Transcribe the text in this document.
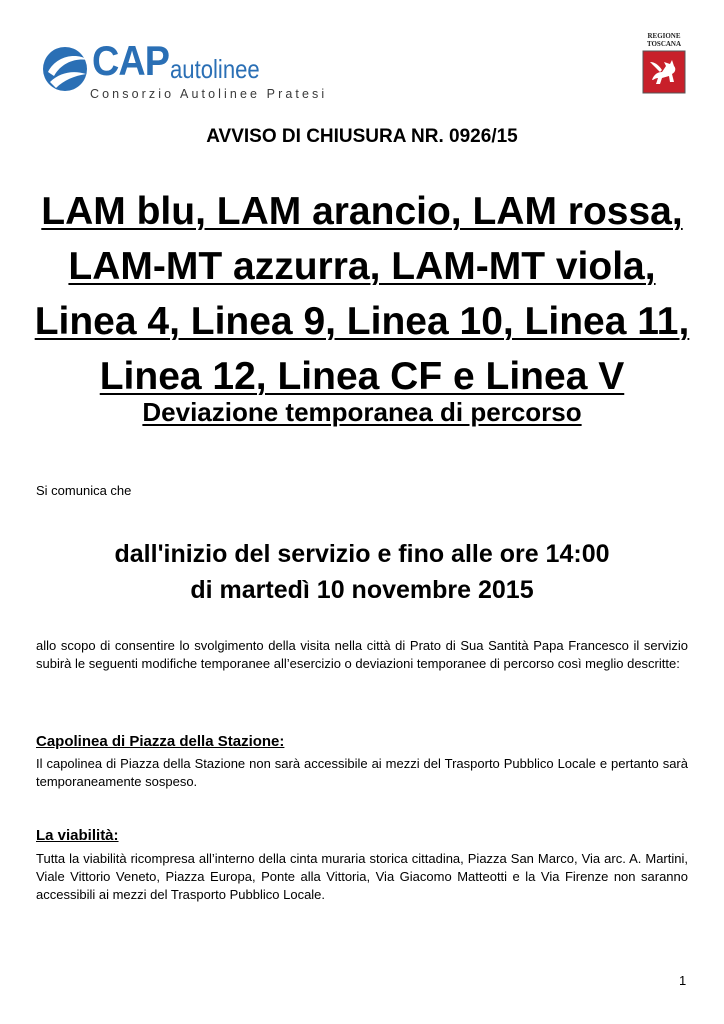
CAP autolinee
Consorzio Autolinee Pratesi
REGIONE
TOSCANA
AVVISO DI CHIUSURA NR. 0926/15
LAM blu, LAM arancio, LAM rossa,
LAM-MT azzurra, LAM-MT viola,
Linea 4, Linea 9, Linea 10, Linea 11,
Linea 12, Linea CF e Linea V
Deviazione temporanea di percorso
Si comunica che
dall'inizio del servizio e fino alle ore 14:00
di martedì 10 novembre 2015

allo scopo di consentire lo svolgimento della visita nella città di Prato di Sua Santità Papa Francesco il servizio subirà le seguenti modifiche temporanee all’esercizio o deviazioni temporanee di percorso così meglio descritte:

Capolinea di Piazza della Stazione:

Il capolinea di Piazza della Stazione non sarà accessibile ai mezzi del Trasporto Pubblico Locale e pertanto sarà temporaneamente sospeso.

La viabilità:

Tutta la viabilità ricompresa all’interno della cinta muraria storica cittadina, Piazza San Marco, Via arc. A. Martini, Viale Vittorio Veneto, Piazza Europa, Ponte alla Vittoria, Via Giacomo Matteotti e la Via Firenze non saranno accessibili ai mezzi del Trasporto Pubblico Locale.

1
